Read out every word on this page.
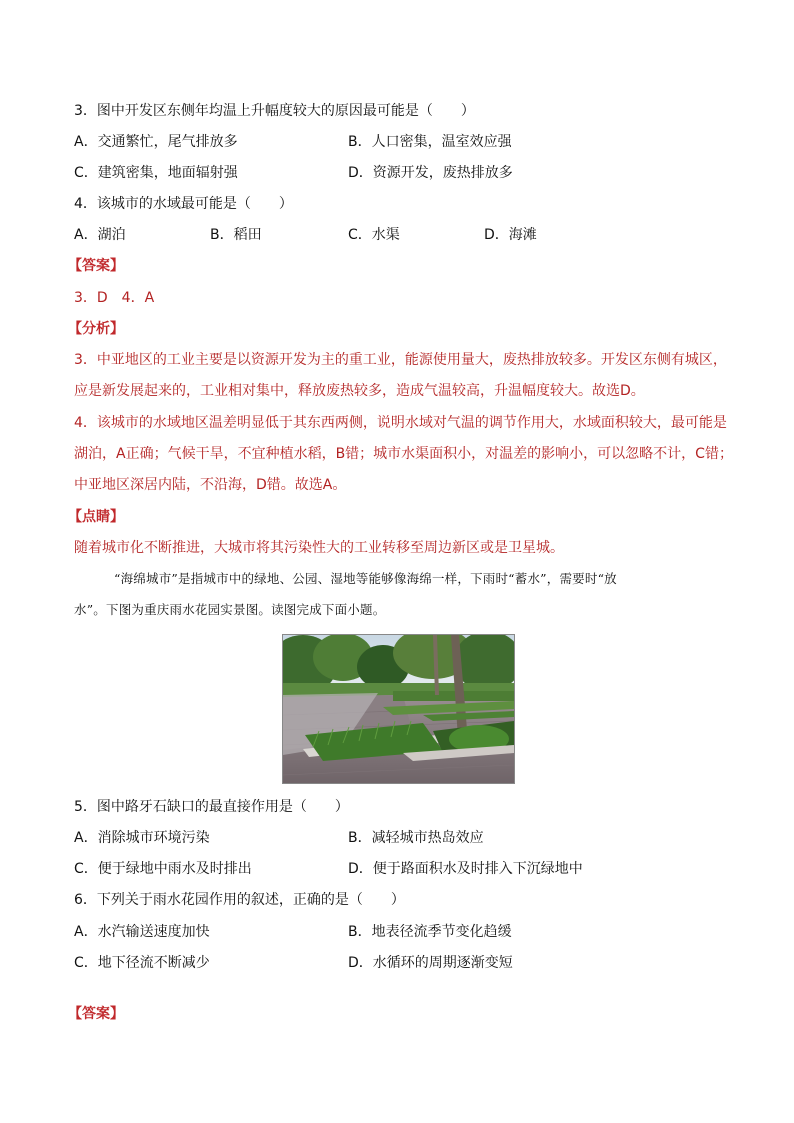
3．图中开发区东侧年均温上升幅度较大的原因最可能是（　　）
A．交通繁忙，尾气排放多	B．人口密集，温室效应强
C．建筑密集，地面辐射强	D．资源开发，废热排放多
4．该城市的水域最可能是（　　）
A．湖泊	B．稻田	C．水渠	D．海滩
【答案】
3．D　4．A
【分析】
3．中亚地区的工业主要是以资源开发为主的重工业，能源使用量大，废热排放较多。开发区东侧有城区，
应是新发展起来的，工业相对集中，释放废热较多，造成气温较高，升温幅度较大。故选D。
4．该城市的水域地区温差明显低于其东西两侧，说明水域对气温的调节作用大，水域面积较大，最可能是
湖泊，A正确；气候干旱，不宜种植水稻，B错；城市水渠面积小，对温差的影响小，可以忽略不计，C错；
中亚地区深居内陆，不沿海，D错。故选A。
【点睛】
随着城市化不断推进，大城市将其污染性大的工业转移至周边新区或是卫星城。
“海绵城市”是指城市中的绿地、公园、湿地等能够像海绵一样，下雨时“蓄水”，需要时“放
水”。下图为重庆雨水花园实景图。读图完成下面小题。
5．图中路牙石缺口的最直接作用是（　　）
A．消除城市环境污染	B．减轻城市热岛效应
C．便于绿地中雨水及时排出	D．便于路面积水及时排入下沉绿地中
6．下列关于雨水花园作用的叙述，正确的是（　　）
A．水汽输送速度加快	B．地表径流季节变化趋缓
C．地下径流不断减少	D．水循环的周期逐渐变短
【答案】
